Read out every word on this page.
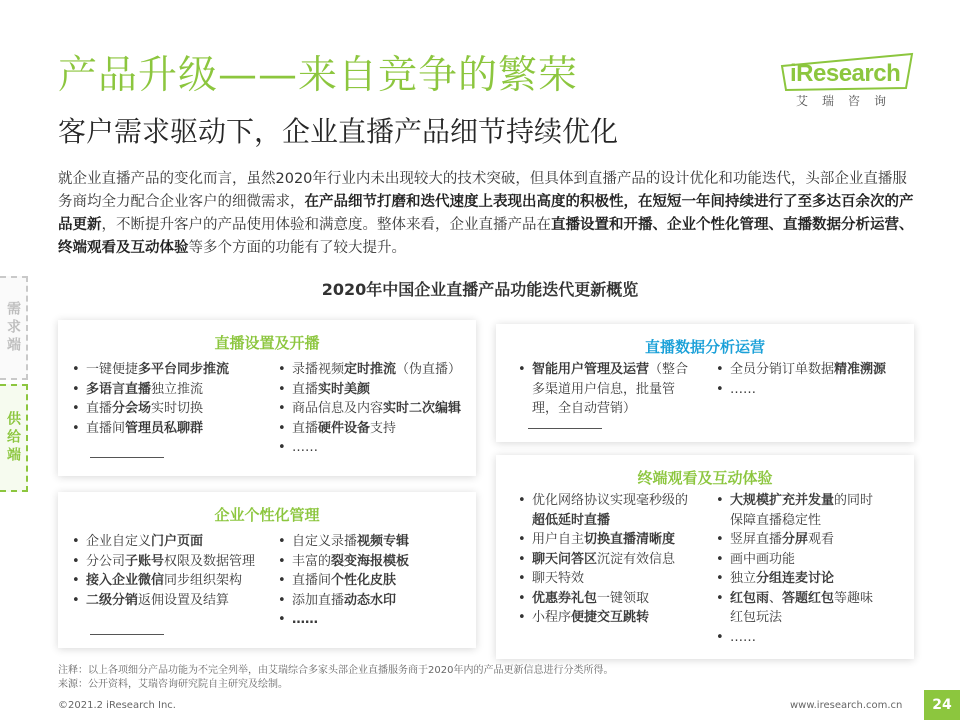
产品升级——来自竞争的繁荣
客户需求驱动下，企业直播产品细节持续优化
iResearch
艾瑞咨询
就企业直播产品的变化而言，虽然2020年行业内未出现较大的技术突破，但具体到直播产品的设计优化和功能迭代，头部企业直播服务商均全力配合企业客户的细微需求，在产品细节打磨和迭代速度上表现出高度的积极性，在短短一年间持续进行了至多达百余次的产品更新，不断提升客户的产品使用体验和满意度。整体来看，企业直播产品在直播设置和开播、企业个性化管理、直播数据分析运营、终端观看及互动体验等多个方面的功能有了较大提升。
2020年中国企业直播产品功能迭代更新概览
需求端
供给端
直播设置及开播
• 一键便捷多平台同步推流
• 多语言直播独立推流
• 直播分会场实时切换
• 直播间管理员私聊群
• 录播视频定时推流（伪直播）
• 直播实时美颜
• 商品信息及内容实时二次编辑
• 直播硬件设备支持
• ……
企业个性化管理
• 企业自定义门户页面
• 分公司子账号权限及数据管理
• 接入企业微信同步组织架构
• 二级分销返佣设置及结算
• 自定义录播视频专辑
• 丰富的裂变海报模板
• 直播间个性化皮肤
• 添加直播动态水印
• ……
直播数据分析运营
• 智能用户管理及运营（整合多渠道用户信息，批量管理，全自动营销）
• 全员分销订单数据精准溯源
• ……
终端观看及互动体验
• 优化网络协议实现毫秒级的超低延时直播
• 用户自主切换直播清晰度
• 聊天问答区沉淀有效信息
• 聊天特效
• 优惠券礼包一键领取
• 小程序便捷交互跳转
• 大规模扩充并发量的同时保障直播稳定性
• 竖屏直播分屏观看
• 画中画功能
• 独立分组连麦讨论
• 红包雨、答题红包等趣味红包玩法
• ……
注释：以上各项细分产品功能为不完全列举，由艾瑞综合多家头部企业直播服务商于2020年内的产品更新信息进行分类所得。
来源：公开资料，艾瑞咨询研究院自主研究及绘制。
©2021.2 iResearch Inc.	www.iresearch.com.cn	24
